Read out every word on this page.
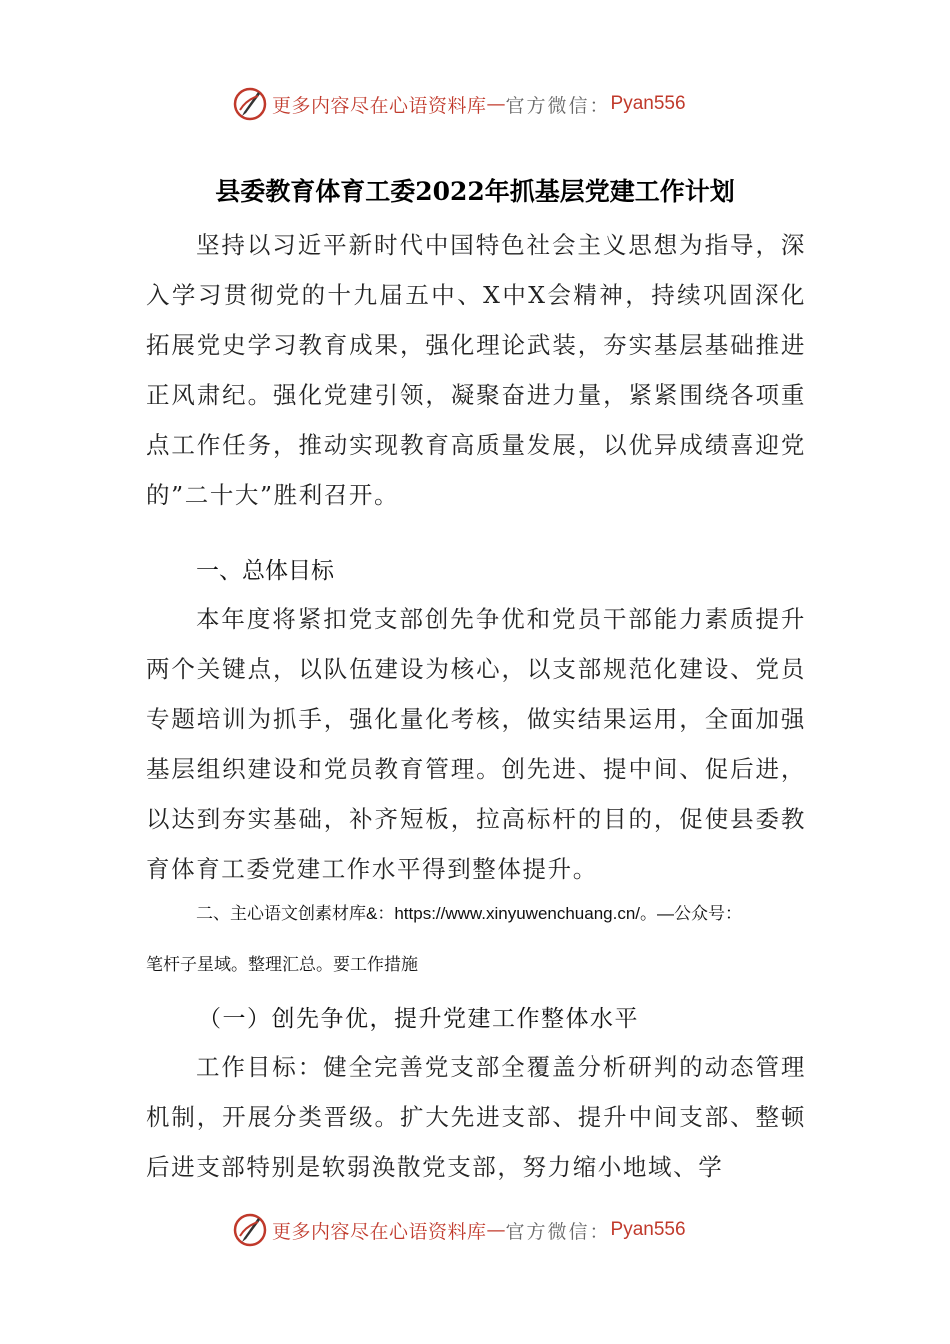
更多内容尽在心语资料库 — 官方微信： Pyan556
县委教育体育工委2022年抓基层党建工作计划
坚持以习近平新时代中国特色社会主义思想为指导，深入学习贯彻党的十九届五中、X中X会精神，持续巩固深化拓展党史学习教育成果，强化理论武装，夯实基层基础推进正风肃纪。强化党建引领，凝聚奋进力量，紧紧围绕各项重点工作任务，推动实现教育高质量发展，以优异成绩喜迎党的”二十大”胜利召开。
一、总体目标
本年度将紧扣党支部创先争优和党员干部能力素质提升两个关键点，以队伍建设为核心，以支部规范化建设、党员专题培训为抓手，强化量化考核，做实结果运用，全面加强基层组织建设和党员教育管理。创先进、提中间、促后进，以达到夯实基础，补齐短板，拉高标杆的目的，促使县委教育体育工委党建工作水平得到整体提升。
二、主心语文创素材库&：https://www.xinyuwenchuang.cn/。—公众号：
笔杆子星域。整理汇总。要工作措施
（一）创先争优，提升党建工作整体水平
工作目标：健全完善党支部全覆盖分析研判的动态管理机制，开展分类晋级。扩大先进支部、提升中间支部、整顿后进支部特别是软弱涣散党支部，努力缩小地域、学
更多内容尽在心语资料库 — 官方微信： Pyan556
